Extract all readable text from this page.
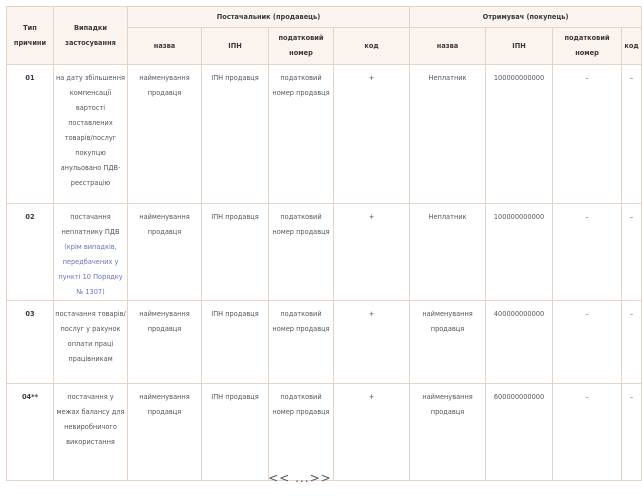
Тип причини	Випадки застосування	Постачальник (продавець)				Отримувач (покупець)			
		назва	ІПН	податковий номер	код	назва	ІПН	податковий номер	код
01	на дату збільшення компенсації вартості поставлених товарів/послуг покупцю анульовано ПДВ-реєстрацію	найменування продавця	ІПН продавця	податковий номер продавця	+	Неплатник	100000000000	–	–
02	постачання неплатнику ПДВ (крім випадків, передбачених у пункті 10 Порядку № 1307)	найменування продавця	ІПН продавця	податковий номер продавця	+	Неплатник	100000000000	–	–
03	постачання товарів/послуг у рахунок оплати праці працівникам	найменування продавця	ІПН продавця	податковий номер продавця	+	найменування продавця	400000000000	–	–
04**	постачання у межах балансу для невиробничого використання	найменування продавця	ІПН продавця	податковий номер продавця	+	найменування продавця	600000000000	–	–
<< ...>>
